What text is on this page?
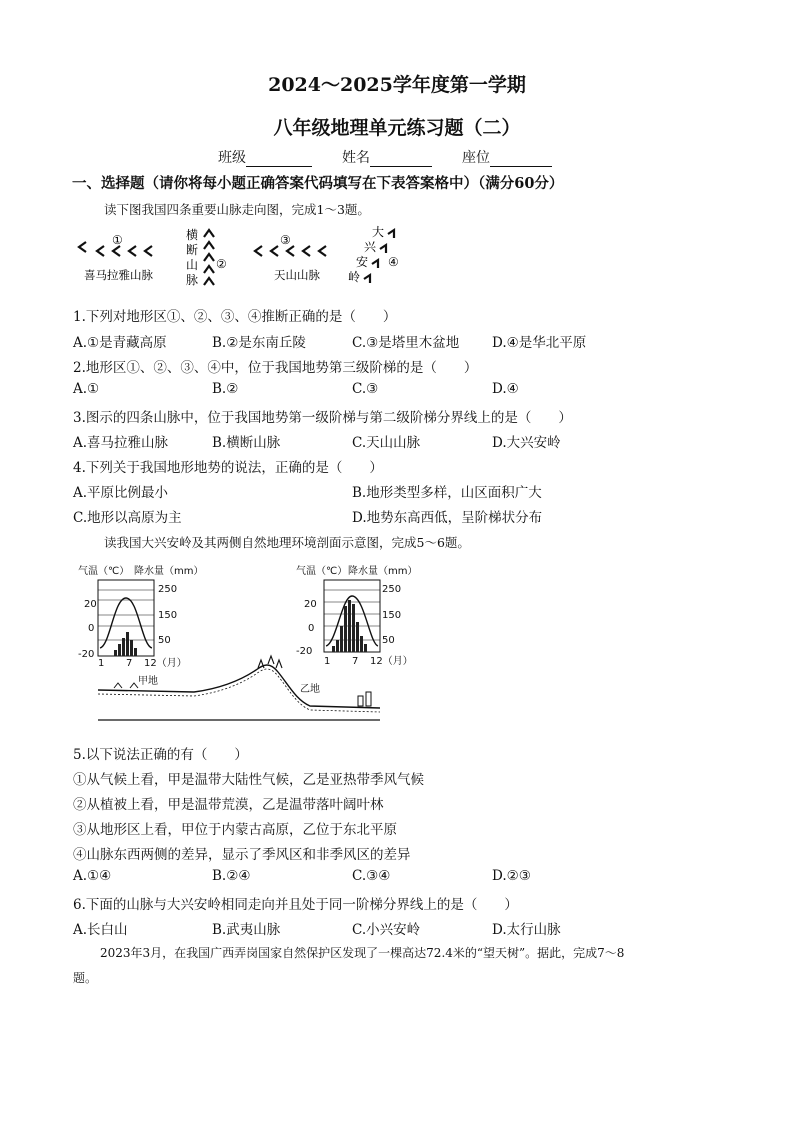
2024～2025学年度第一学期
八年级地理单元练习题（二）
班级	姓名	座位
一、选择题（请你将每小题正确答案代码填写在下表答案格中）（满分60分）
读下图我国四条重要山脉走向图，完成1～3题。
①
喜马拉雅山脉
横
断
山
脉
②
③
天山山脉
大
兴
安
岭
④
1.下列对地形区①、②、③、④推断正确的是（　　）
A.①是青藏高原	B.②是东南丘陵	C.③是塔里木盆地 D.④是华北平原
2.地形区①、②、③、④中，位于我国地势第三级阶梯的是（　　）
A.①	B.②	C.③	D.④
3.图示的四条山脉中，位于我国地势第一级阶梯与第二级阶梯分界线上的是（　　）
A.喜马拉雅山脉	B.横断山脉	C.天山山脉	D.大兴安岭
4.下列关于我国地形地势的说法，正确的是（　　）
A.平原比例最小	B.地形类型多样，山区面积广大
C.地形以高原为主	D.地势东高西低，呈阶梯状分布
读我国大兴安岭及其两侧自然地理环境剖面示意图，完成5～6题。
气温（℃） 降水量（mm）
20
0
-20
250
150
50
1 7 12（月）
气温（℃） 降水量（mm）
20
0
-20
250
150
50
1 7 12（月）
甲地
乙地
5.以下说法正确的有（　　）
①从气候上看，甲是温带大陆性气候，乙是亚热带季风气候
②从植被上看，甲是温带荒漠，乙是温带落叶阔叶林
③从地形区上看，甲位于内蒙古高原，乙位于东北平原
④山脉东西两侧的差异，显示了季风区和非季风区的差异
A.①④	B.②④	C.③④	D.②③
6.下面的山脉与大兴安岭相同走向并且处于同一阶梯分界线上的是（　　）
A.长白山	B.武夷山脉	C.小兴安岭	D.太行山脉
2023年3月，在我国广西弄岗国家自然保护区发现了一棵高达72.4米的“望天树”。据此，完成7～8
题。
